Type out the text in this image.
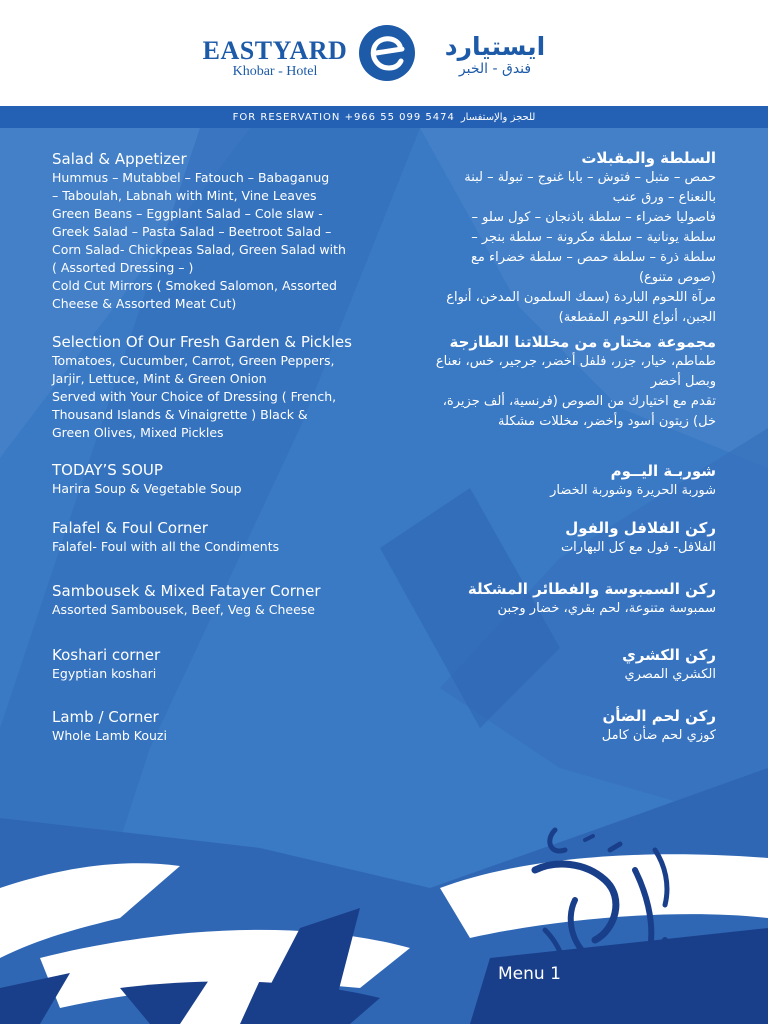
EASTYARD
Khobar - Hotel
ايستيارد
فندق - الخبر
FOR RESERVATION +966 55 099 5474 للحجز والإستفسار

Salad & Appetizer

Hummus – Mutabbel – Fatouch – Babaganug

– Taboulah, Labnah with Mint, Vine Leaves

Green Beans – Eggplant Salad – Cole slaw -

Greek Salad – Pasta Salad – Beetroot Salad –

Corn Salad- Chickpeas Salad, Green Salad with

( Assorted Dressing – )

Cold Cut Mirrors ( Smoked Salomon, Assorted

Cheese & Assorted Meat Cut)

Selection Of Our Fresh Garden & Pickles

Tomatoes, Cucumber, Carrot, Green Peppers,

Jarjir, Lettuce, Mint & Green Onion

Served with Your Choice of Dressing ( French,

Thousand Islands & Vinaigrette ) Black &

Green Olives, Mixed Pickles

TODAY’S SOUP

Harira Soup & Vegetable Soup

Falafel & Foul Corner

Falafel- Foul with all the Condiments

Sambousek & Mixed Fatayer Corner

Assorted Sambousek, Beef, Veg & Cheese

Koshari corner

Egyptian koshari

Lamb / Corner

Whole Lamb Kouzi

السلطة والمقبلات

حمص – متبل – فتوش – بابا غنوج – تبولة – لبنة

بالنعناع – ورق عنب

فاصوليا خضراء – سلطة باذنجان – كول سلو –

سلطة يونانية – سلطة مكرونة – سلطة بنجر –

سلطة ذرة – سلطة حمص – سلطة خضراء مع

(صوص متنوع)

مرآة اللحوم الباردة (سمك السلمون المدخن، أنواع

الجبن، أنواع اللحوم المقطعة)

مجموعة مختارة من مخللاتنا الطازجة

طماطم، خيار، جزر، فلفل أخضر، جرجير، خس، نعناع

وبصل أخضر

تقدم مع اختيارك من الصوص (فرنسية، ألف جزيرة،

خل) زيتون أسود وأخضر، مخللات مشكلة

شوربـة اليــوم

شوربة الحريرة وشوربة الخضار

ركن الفلافل والفول

الفلافل- فول مع كل البهارات

ركن السمبوسة والفطائر المشكلة

سمبوسة متنوعة، لحم بقري، خضار وجبن

ركن الكشري

الكشري المصري

ركن لحم الضأن

كوزي لحم ضأن كامل

Menu 1
